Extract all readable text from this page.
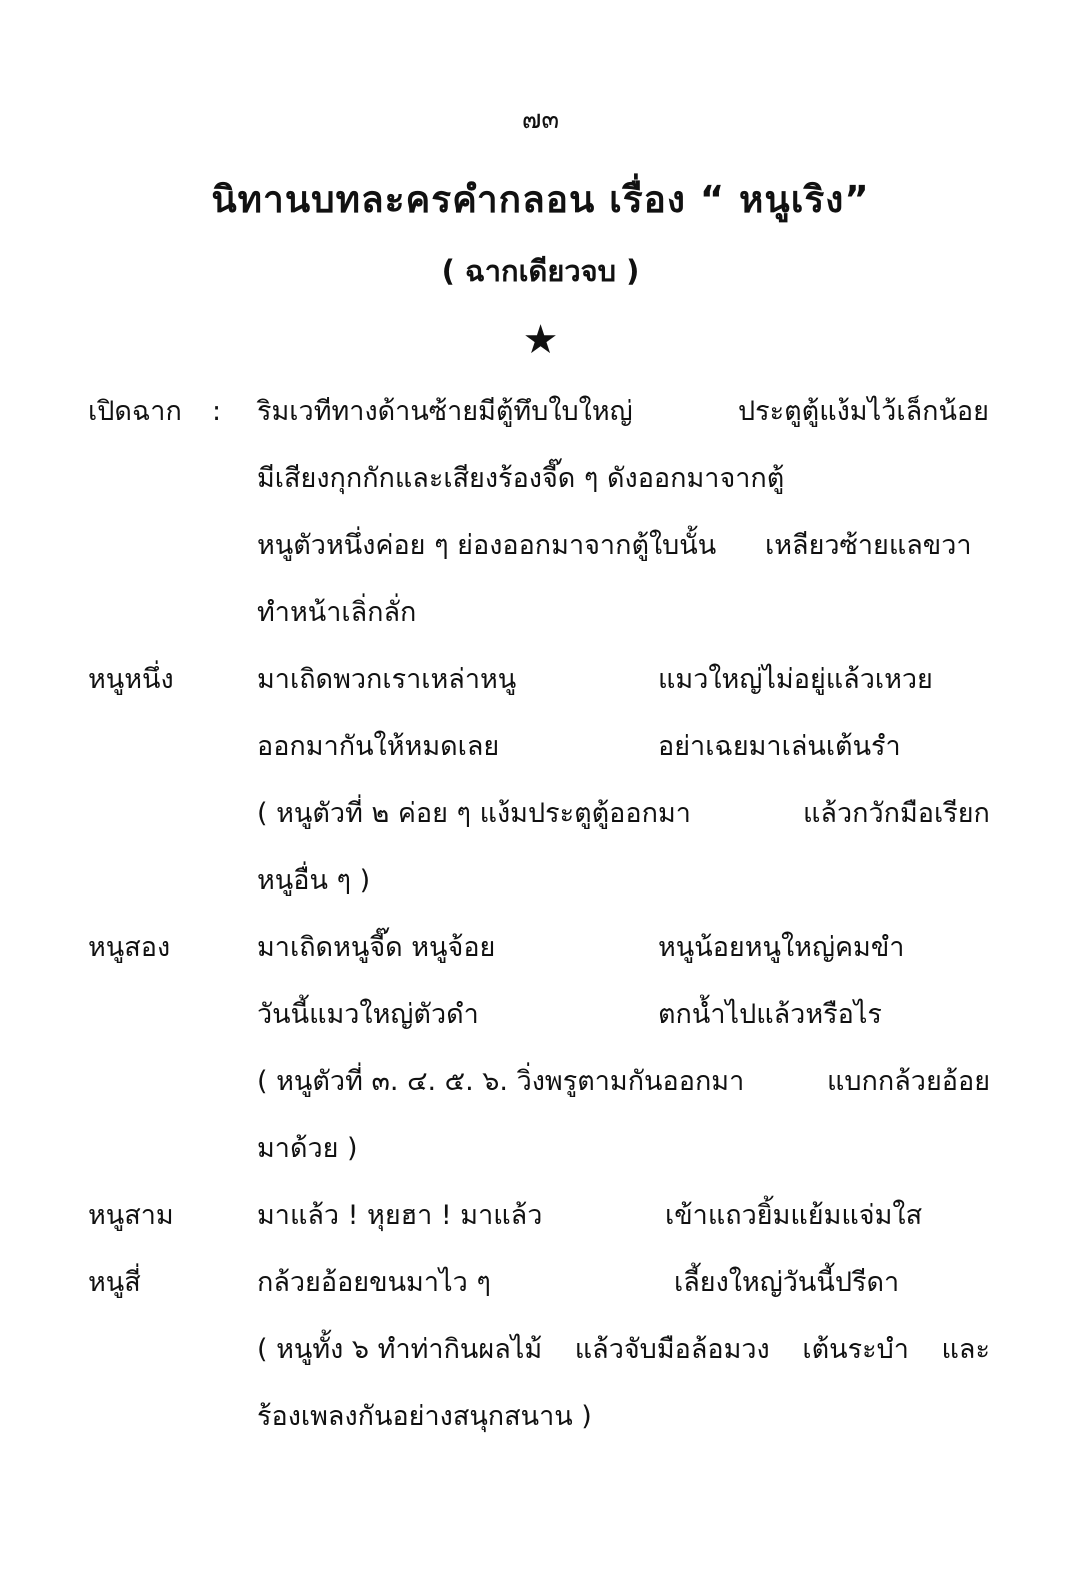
๗๓
นิทานบทละครคำกลอน เรื่อง “ หนูเริง”
( ฉากเดียวจบ )
★
เปิดฉาก : ริมเวทีทางด้านซ้ายมีตู้ทึบใบใหญ่	ประตูตู้แง้มไว้เล็กน้อย
มีเสียงกุกกักและเสียงร้องจี๊ด ๆ ดังออกมาจากตู้
หนูตัวหนึ่งค่อย ๆ ย่องออกมาจากตู้ใบนั้น เหลียวซ้ายแลขวา
ทำหน้าเลิ่กลั่ก
หนูหนึ่ง	มาเถิดพวกเราเหล่าหนู	แมวใหญ่ไม่อยู่แล้วเหวย
ออกมากันให้หมดเลย	อย่าเฉยมาเล่นเต้นรำ
( หนูตัวที่ ๒ ค่อย ๆ แง้มประตูตู้ออกมา	แล้วกวักมือเรียก
หนูอื่น ๆ )
หนูสอง	มาเถิดหนูจี๊ด หนูจ้อย	หนูน้อยหนูใหญ่คมขำ
วันนี้แมวใหญ่ตัวดำ	ตกน้ำไปแล้วหรือไร
( หนูตัวที่ ๓. ๔. ๕. ๖. วิ่งพรูตามกันออกมา	แบกกล้วยอ้อย
มาด้วย )
หนูสาม	มาแล้ว ! หุยฮา ! มาแล้ว	เข้าแถวยิ้มแย้มแจ่มใส
หนูสี่	กล้วยอ้อยขนมาไว ๆ	เลี้ยงใหญ่วันนี้ปรีดา
( หนูทั้ง ๖ ทำท่ากินผลไม้ แล้วจับมือล้อมวง เต้นระบำ และ
ร้องเพลงกันอย่างสนุกสนาน )
